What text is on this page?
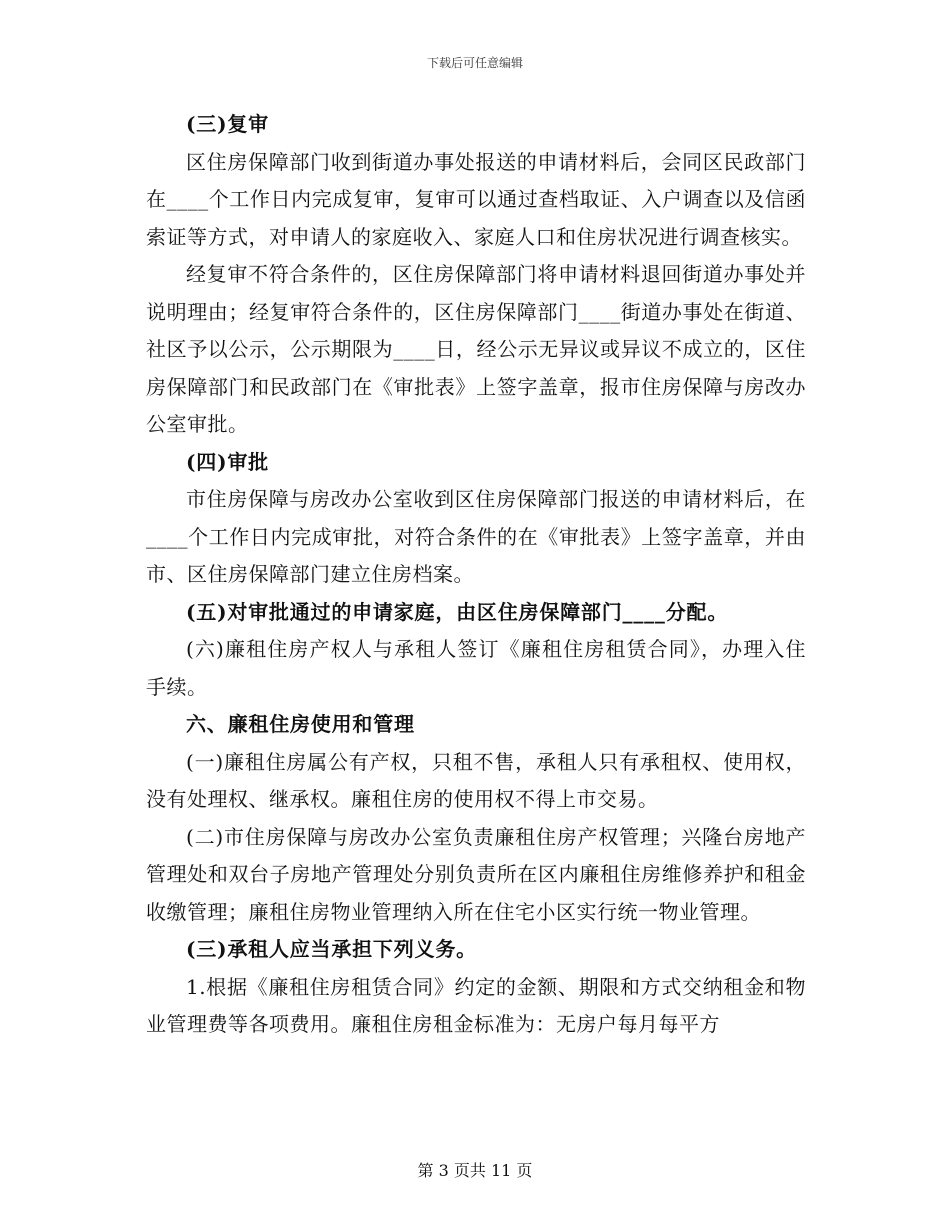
下载后可任意编辑

(三)复审

区住房保障部门收到街道办事处报送的申请材料后，会同区民政部门在____个工作日内完成复审，复审可以通过查档取证、入户调查以及信函索证等方式，对申请人的家庭收入、家庭人口和住房状况进行调查核实。

经复审不符合条件的，区住房保障部门将申请材料退回街道办事处并说明理由；经复审符合条件的，区住房保障部门____街道办事处在街道、社区予以公示，公示期限为____日，经公示无异议或异议不成立的，区住房保障部门和民政部门在《审批表》上签字盖章，报市住房保障与房改办公室审批。

(四)审批

市住房保障与房改办公室收到区住房保障部门报送的申请材料后，在____个工作日内完成审批，对符合条件的在《审批表》上签字盖章，并由市、区住房保障部门建立住房档案。

(五)对审批通过的申请家庭，由区住房保障部门____分配。

(六)廉租住房产权人与承租人签订《廉租住房租赁合同》，办理入住手续。

六、廉租住房使用和管理

(一)廉租住房属公有产权，只租不售，承租人只有承租权、使用权，没有处理权、继承权。廉租住房的使用权不得上市交易。

(二)市住房保障与房改办公室负责廉租住房产权管理；兴隆台房地产管理处和双台子房地产管理处分别负责所在区内廉租住房维修养护和租金收缴管理；廉租住房物业管理纳入所在住宅小区实行统一物业管理。

(三)承租人应当承担下列义务。

1.根据《廉租住房租赁合同》约定的金额、期限和方式交纳租金和物业管理费等各项费用。廉租住房租金标准为：无房户每月每平方

第 3 页共 11 页
